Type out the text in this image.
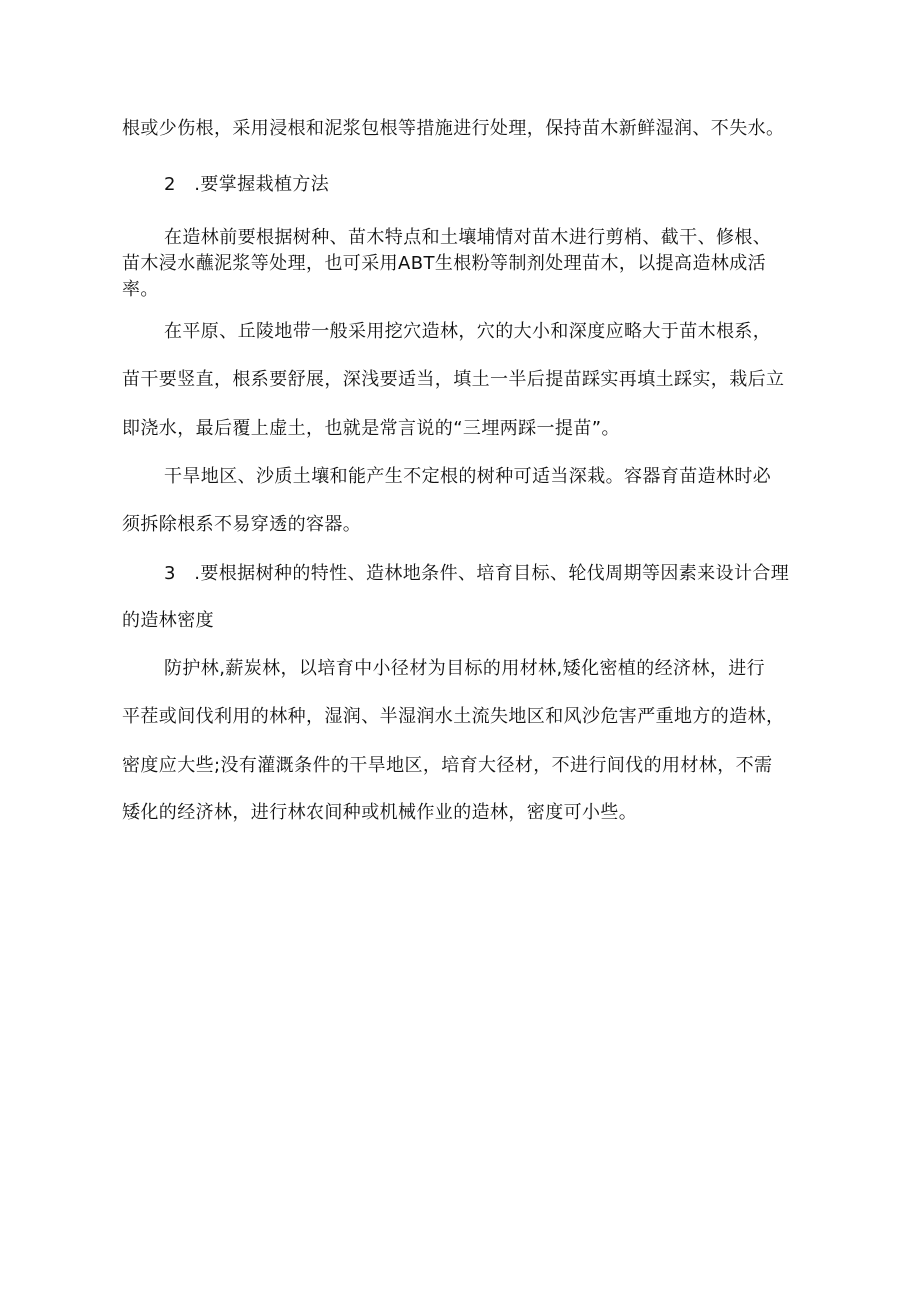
根或少伤根，采用浸根和泥浆包根等措施进行处理，保持苗木新鲜湿润、不失水。
2　.要掌握栽植方法
在造林前要根据树种、苗木特点和土壤埔情对苗木进行剪梢、截干、修根、
苗木浸水蘸泥浆等处理，也可采用ABT生根粉等制剂处理苗木，以提高造林成活
率。
在平原、丘陵地带一般采用挖穴造林，穴的大小和深度应略大于苗木根系，
苗干要竖直，根系要舒展，深浅要适当，填土一半后提苗踩实再填土踩实，栽后立
即浇水，最后覆上虚土，也就是常言说的“三埋两踩一提苗”。
干旱地区、沙质土壤和能产生不定根的树种可适当深栽。容器育苗造林时必
须拆除根系不易穿透的容器。
3　.要根据树种的特性、造林地条件、培育目标、轮伐周期等因素来设计合理
的造林密度
防护林,薪炭林，以培育中小径材为目标的用材林,矮化密植的经济林，进行
平茬或间伐利用的林种，湿润、半湿润水土流失地区和风沙危害严重地方的造林，
密度应大些;没有灌溉条件的干旱地区，培育大径材，不进行间伐的用材林，不需
矮化的经济林，进行林农间种或机械作业的造林，密度可小些。
